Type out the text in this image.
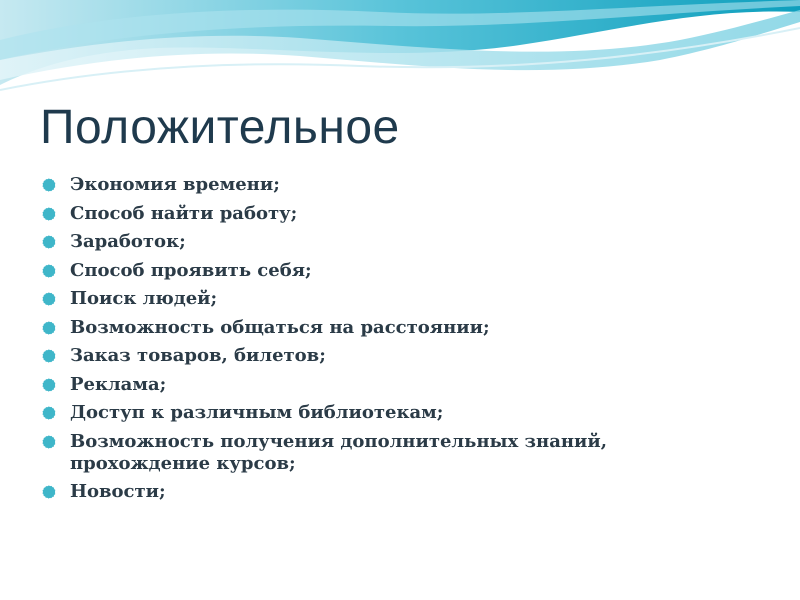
Положительное
Экономия времени;
Способ найти работу;
Заработок;
Способ проявить себя;
Поиск людей;
Возможность общаться на расстоянии;
Заказ товаров, билетов;
Реклама;
Доступ к различным библиотекам;
Возможность получения дополнительных знаний, прохождение курсов;
Новости;
